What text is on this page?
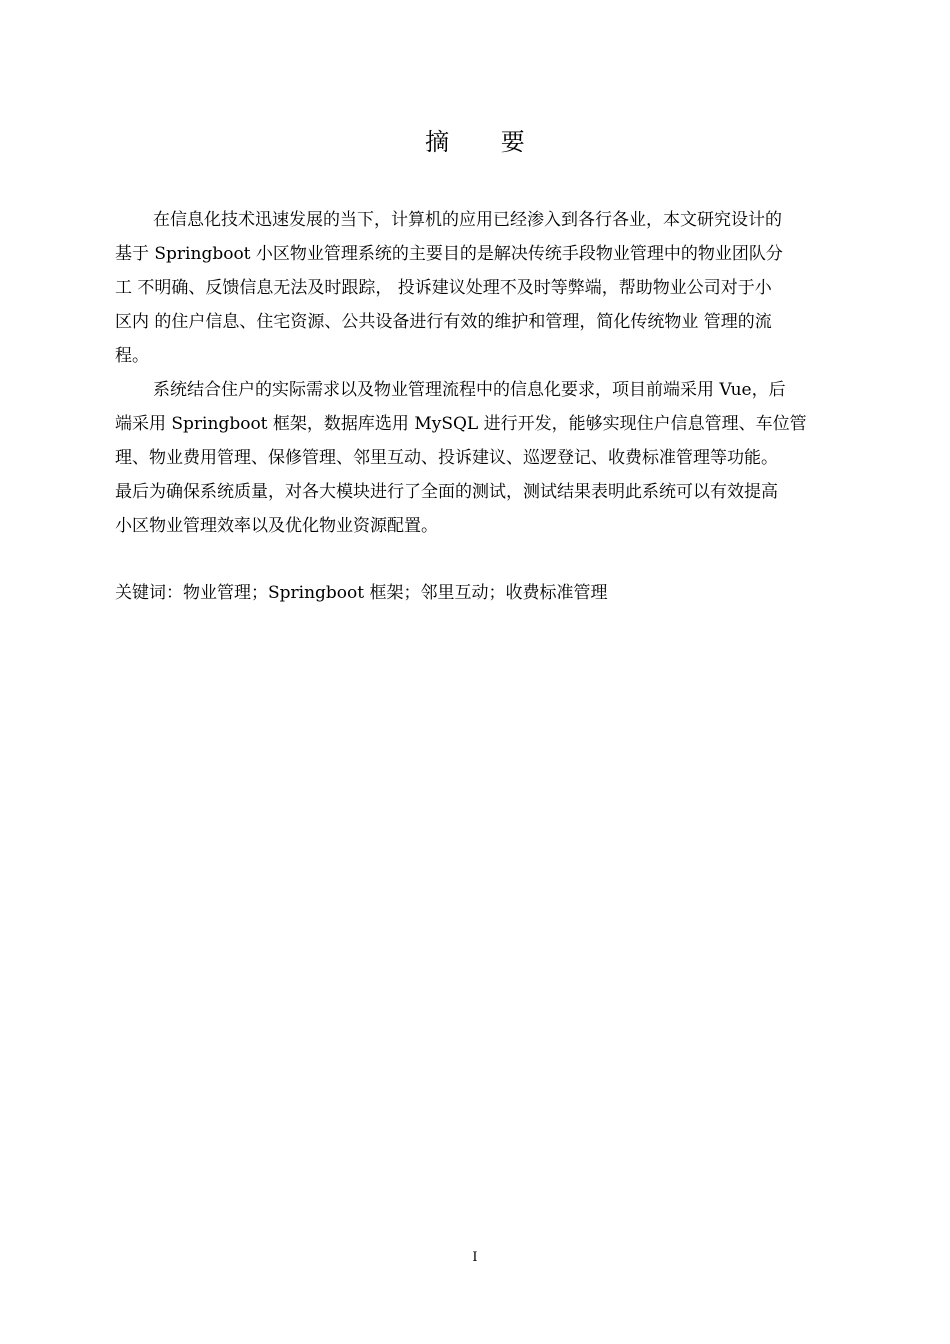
摘 要

在信息化技术迅速发展的当下，计算机的应用已经渗入到各行各业，本文研究设计的
基于 Springboot 小区物业管理系统的主要目的是解决传统手段物业管理中的物业团队分
工 不明确、反馈信息无法及时跟踪， 投诉建议处理不及时等弊端，帮助物业公司对于小
区内 的住户信息、住宅资源、公共设备进行有效的维护和管理，简化传统物业 管理的流
程。

系统结合住户的实际需求以及物业管理流程中的信息化要求，项目前端采用 Vue，后
端采用 Springboot 框架，数据库选用 MySQL 进行开发，能够实现住户信息管理、车位管
理、物业费用管理、保修管理、邻里互动、投诉建议、巡逻登记、收费标准管理等功能。
最后为确保系统质量，对各大模块进行了全面的测试，测试结果表明此系统可以有效提高
小区物业管理效率以及优化物业资源配置。

关键词：物业管理；Springboot 框架；邻里互动；收费标准管理
I
